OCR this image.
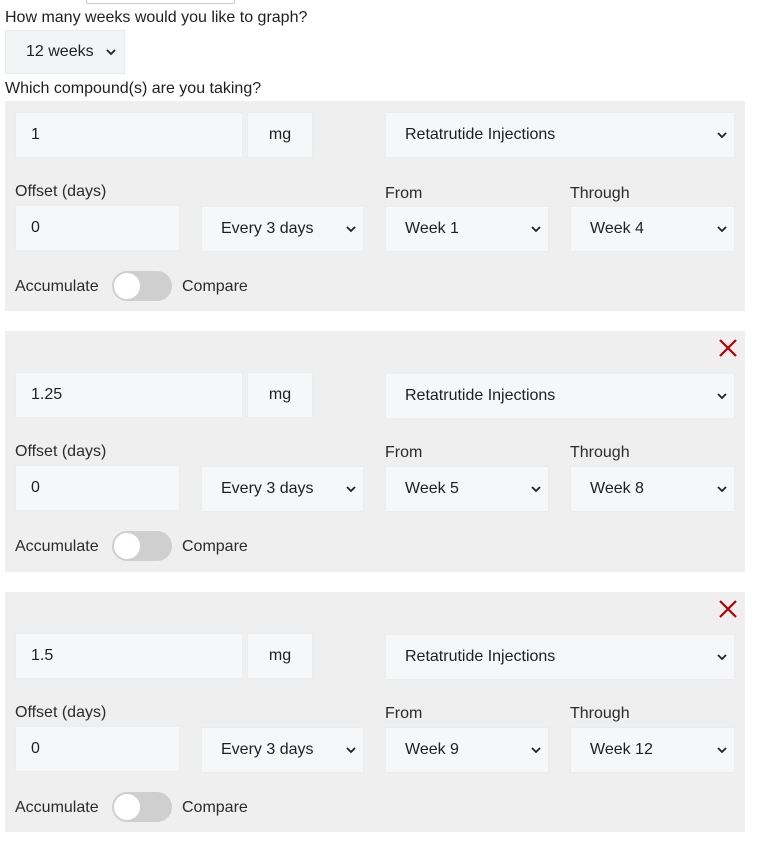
How many weeks would you like to graph?
12 weeks
Which compound(s) are you taking?
1	mg	Retatrutide Injections
Offset (days)	From	Through
0	Every 3 days	Week 1	Week 4
Accumulate	Compare
1.25	mg	Retatrutide Injections
Offset (days)	From	Through
0	Every 3 days	Week 5	Week 8
Accumulate	Compare
1.5	mg	Retatrutide Injections
Offset (days)	From	Through
0	Every 3 days	Week 9	Week 12
Accumulate	Compare
